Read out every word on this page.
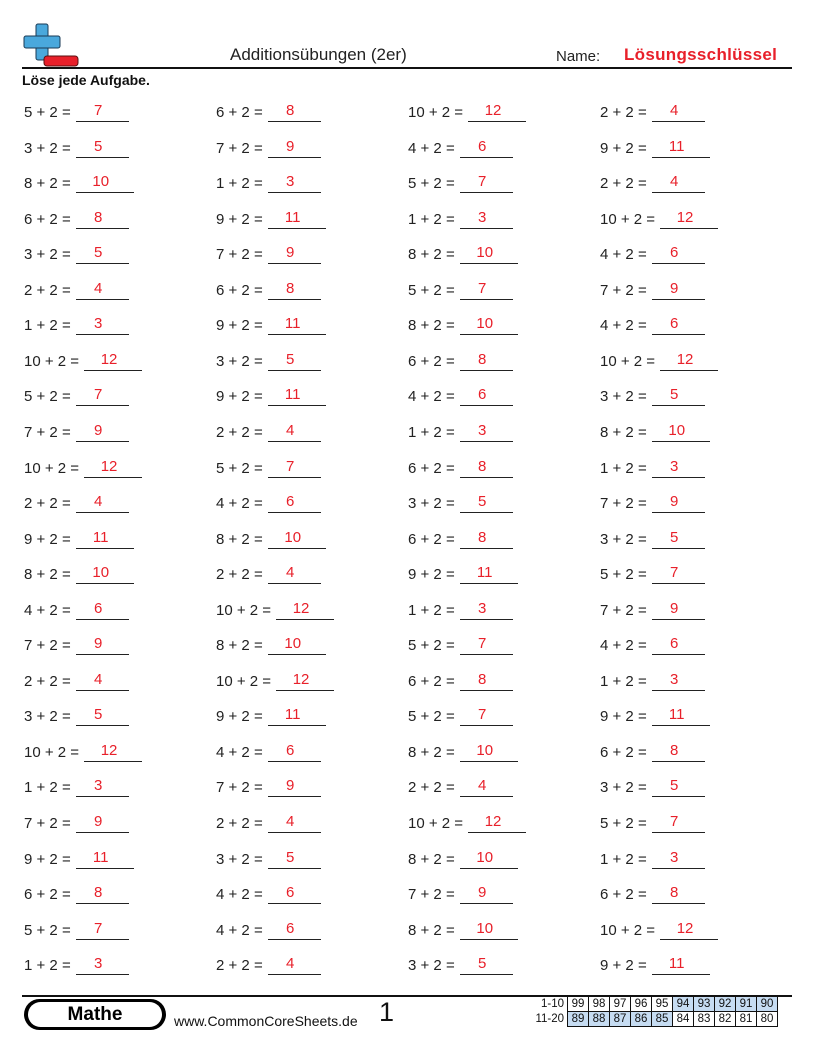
Additionsübungen (2er)	Name: Lösungsschlüssel
Löse jede Aufgabe.
5 + 2 =	7
3 + 2 =	5
8 + 2 =	10
6 + 2 =	8
3 + 2 =	5
2 + 2 =	4
1 + 2 =	3
10 + 2 =	12
5 + 2 =	7
7 + 2 =	9
10 + 2 =	12
2 + 2 =	4
9 + 2 =	11
8 + 2 =	10
4 + 2 =	6
7 + 2 =	9
2 + 2 =	4
3 + 2 =	5
10 + 2 =	12
1 + 2 =	3
7 + 2 =	9
9 + 2 =	11
6 + 2 =	8
5 + 2 =	7
1 + 2 =	3
6 + 2 =	8
7 + 2 =	9
1 + 2 =	3
9 + 2 =	11
7 + 2 =	9
6 + 2 =	8
9 + 2 =	11
3 + 2 =	5
9 + 2 =	11
2 + 2 =	4
5 + 2 =	7
4 + 2 =	6
8 + 2 =	10
2 + 2 =	4
10 + 2 =	12
8 + 2 =	10
10 + 2 =	12
9 + 2 =	11
4 + 2 =	6
7 + 2 =	9
2 + 2 =	4
3 + 2 =	5
4 + 2 =	6
4 + 2 =	6
2 + 2 =	4
10 + 2 =	12
4 + 2 =	6
5 + 2 =	7
1 + 2 =	3
8 + 2 =	10
5 + 2 =	7
8 + 2 =	10
6 + 2 =	8
4 + 2 =	6
1 + 2 =	3
6 + 2 =	8
3 + 2 =	5
6 + 2 =	8
9 + 2 =	11
1 + 2 =	3
5 + 2 =	7
6 + 2 =	8
5 + 2 =	7
8 + 2 =	10
2 + 2 =	4
10 + 2 =	12
8 + 2 =	10
7 + 2 =	9
8 + 2 =	10
3 + 2 =	5
2 + 2 =	4
9 + 2 =	11
2 + 2 =	4
10 + 2 =	12
4 + 2 =	6
7 + 2 =	9
4 + 2 =	6
10 + 2 =	12
3 + 2 =	5
8 + 2 =	10
1 + 2 =	3
7 + 2 =	9
3 + 2 =	5
5 + 2 =	7
7 + 2 =	9
4 + 2 =	6
1 + 2 =	3
9 + 2 =	11
6 + 2 =	8
3 + 2 =	5
5 + 2 =	7
1 + 2 =	3
6 + 2 =	8
10 + 2 =	12
9 + 2 =	11
Mathe	www.CommonCoreSheets.de 1	1-10	99	98	97	96	95	94	93	92	91	90
11-20	89	88	87	86	85	84	83	82	81	80
